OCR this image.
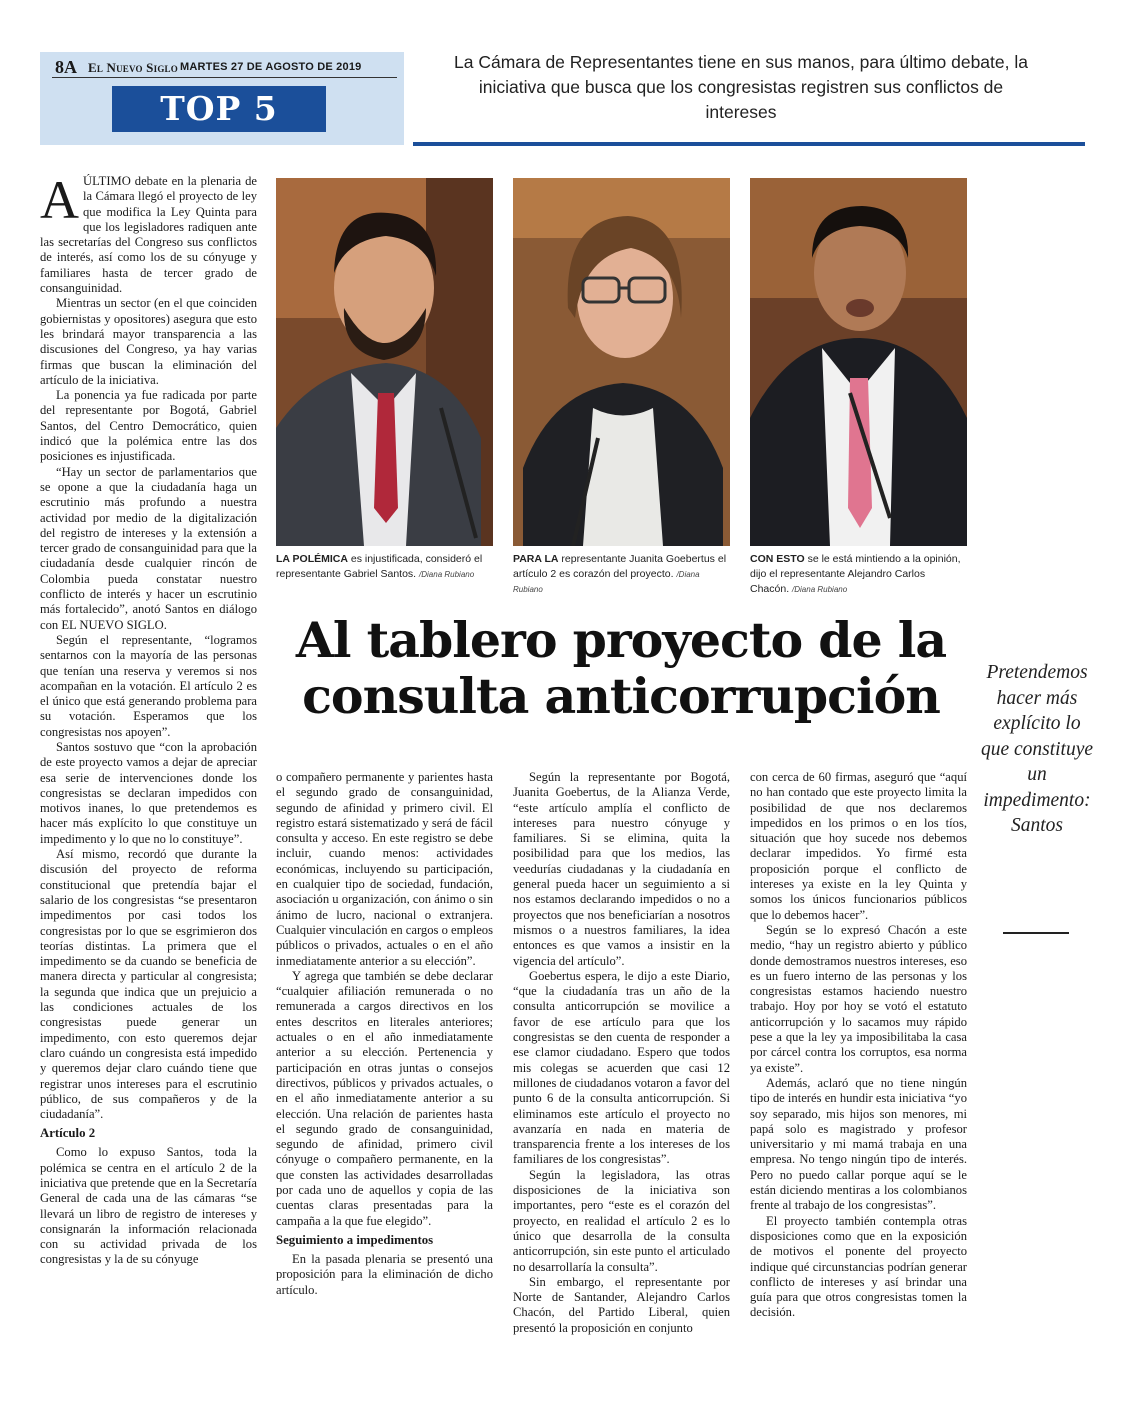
8A El Nuevo Siglo MARTES 27 DE AGOSTO DE 2019
TOP 5
La Cámara de Representantes tiene en sus manos, para último debate, la iniciativa que busca que los congresistas registren sus conflictos de intereses
A ÚLTIMO debate en la plenaria de la Cámara llegó el proyecto de ley que modifica la Ley Quinta para que los legisladores radiquen ante las secretarías del Congreso sus conflictos de interés, así como los de su cónyuge y familiares hasta de tercer grado de consanguinidad.

Mientras un sector (en el que coinciden gobiernistas y opositores) asegura que esto les brindará mayor transparencia a las discusiones del Congreso, ya hay varias firmas que buscan la eliminación del artículo de la iniciativa.

La ponencia ya fue radicada por parte del representante por Bogotá, Gabriel Santos, del Centro Democrático, quien indicó que la polémica entre las dos posiciones es injustificada.

“Hay un sector de parlamentarios que se opone a que la ciudadanía haga un escrutinio más profundo a nuestra actividad por medio de la digitalización del registro de intereses y la extensión a tercer grado de consanguinidad para que la ciudadanía desde cualquier rincón de Colombia pueda constatar nuestro conflicto de interés y hacer un escrutinio más fortalecido”, anotó Santos en diálogo con EL NUEVO SIGLO.

Según el representante, “logramos sentarnos con la mayoría de las personas que tenían una reserva y veremos si nos acompañan en la votación. El artículo 2 es el único que está generando problema para su votación. Esperamos que los congresistas nos apoyen”.

Santos sostuvo que “con la aprobación de este proyecto vamos a dejar de apreciar esa serie de intervenciones donde los congresistas se declaran impedidos con motivos inanes, lo que pretendemos es hacer más explícito lo que constituye un impedimento y lo que no lo constituye”.

Así mismo, recordó que durante la discusión del proyecto de reforma constitucional que pretendía bajar el salario de los congresistas “se presentaron impedimentos por casi todos los congresistas por lo que se esgrimieron dos teorías distintas. La primera que el impedimento se da cuando se beneficia de manera directa y particular al congresista; la segunda que indica que un prejuicio a las condiciones actuales de los congresistas puede generar un impedimento, con esto queremos dejar claro cuándo un congresista está impedido y queremos dejar claro cuándo tiene que registrar unos intereses para el escrutinio público, de sus compañeros y de la ciudadanía”.

Artículo 2

Como lo expuso Santos, toda la polémica se centra en el artículo 2 de la iniciativa que pretende que en la Secretaría General de cada una de las cámaras “se llevará un libro de registro de intereses y consignarán la información relacionada con su actividad privada de los congresistas y la de su cónyuge

LA POLÉMICA es injustificada, consideró el representante Gabriel Santos. /Diana Rubiano
PARA LA representante Juanita Goebertus el artículo 2 es corazón del proyecto. /Diana Rubiano
CON ESTO se le está mintiendo a la opinión, dijo el representante Alejandro Carlos Chacón. /Diana Rubiano
Al tablero proyecto de la consulta anticorrupción	Pretendemos hacer más explícito lo que constituye un impedimento: Santos

o compañero permanente y parientes hasta el segundo grado de consanguinidad, segundo de afinidad y primero civil. El registro estará sistematizado y será de fácil consulta y acceso. En este registro se debe incluir, cuando menos: actividades económicas, incluyendo su participación, en cualquier tipo de sociedad, fundación, asociación u organización, con ánimo o sin ánimo de lucro, nacional o extranjera. Cualquier vinculación en cargos o empleos públicos o privados, actuales o en el año inmediatamente anterior a su elección”.

Y agrega que también se debe declarar “cualquier afiliación remunerada o no remunerada a cargos directivos en los entes descritos en literales anteriores; actuales o en el año inmediatamente anterior a su elección. Pertenencia y participación en otras juntas o consejos directivos, públicos y privados actuales, o en el año inmediatamente anterior a su elección. Una relación de parientes hasta el segundo grado de consanguinidad, segundo de afinidad, primero civil cónyuge o compañero permanente, en la que consten las actividades desarrolladas por cada uno de aquellos y copia de las cuentas claras presentadas para la campaña a la que fue elegido”.

Seguimiento a impedimentos

En la pasada plenaria se presentó una proposición para la eliminación de dicho artículo.

Según la representante por Bogotá, Juanita Goebertus, de la Alianza Verde, “este artículo amplía el conflicto de intereses para nuestro cónyuge y familiares. Si se elimina, quita la posibilidad para que los medios, las veedurías ciudadanas y la ciudadanía en general pueda hacer un seguimiento a si nos estamos declarando impedidos o no a proyectos que nos beneficiarían a nosotros mismos o a nuestros familiares, la idea entonces es que vamos a insistir en la vigencia del artículo”.

Goebertus espera, le dijo a este Diario, “que la ciudadanía tras un año de la consulta anticorrupción se movilice a favor de ese artículo para que los congresistas se den cuenta de responder a ese clamor ciudadano. Espero que todos mis colegas se acuerden que casi 12 millones de ciudadanos votaron a favor del punto 6 de la consulta anticorrupción. Si eliminamos este artículo el proyecto no avanzaría en nada en materia de transparencia frente a los intereses de los familiares de los congresistas”.

Según la legisladora, las otras disposiciones de la iniciativa son importantes, pero “este es el corazón del proyecto, en realidad el artículo 2 es lo único que desarrolla de la consulta anticorrupción, sin este punto el articulado no desarrollaría la consulta”.

Sin embargo, el representante por Norte de Santander, Alejandro Carlos Chacón, del Partido Liberal, quien presentó la proposición en conjunto

con cerca de 60 firmas, aseguró que “aquí no han contado que este proyecto limita la posibilidad de que nos declaremos impedidos en los primos o en los tíos, situación que hoy sucede nos debemos declarar impedidos. Yo firmé esta proposición porque el conflicto de intereses ya existe en la ley Quinta y somos los únicos funcionarios públicos que lo debemos hacer”.

Según se lo expresó Chacón a este medio, “hay un registro abierto y público donde demostramos nuestros intereses, eso es un fuero interno de las personas y los congresistas estamos haciendo nuestro trabajo. Hoy por hoy se votó el estatuto anticorrupción y lo sacamos muy rápido pese a que la ley ya imposibilitaba la casa por cárcel contra los corruptos, esa norma ya existe”.

Además, aclaró que no tiene ningún tipo de interés en hundir esta iniciativa “yo soy separado, mis hijos son menores, mi papá solo es magistrado y profesor universitario y mi mamá trabaja en una empresa. No tengo ningún tipo de interés. Pero no puedo callar porque aquí se le están diciendo mentiras a los colombianos frente al trabajo de los congresistas”.

El proyecto también contempla otras disposiciones como que en la exposición de motivos el ponente del proyecto indique qué circunstancias podrían generar conflicto de intereses y así brindar una guía para que otros congresistas tomen la decisión.
